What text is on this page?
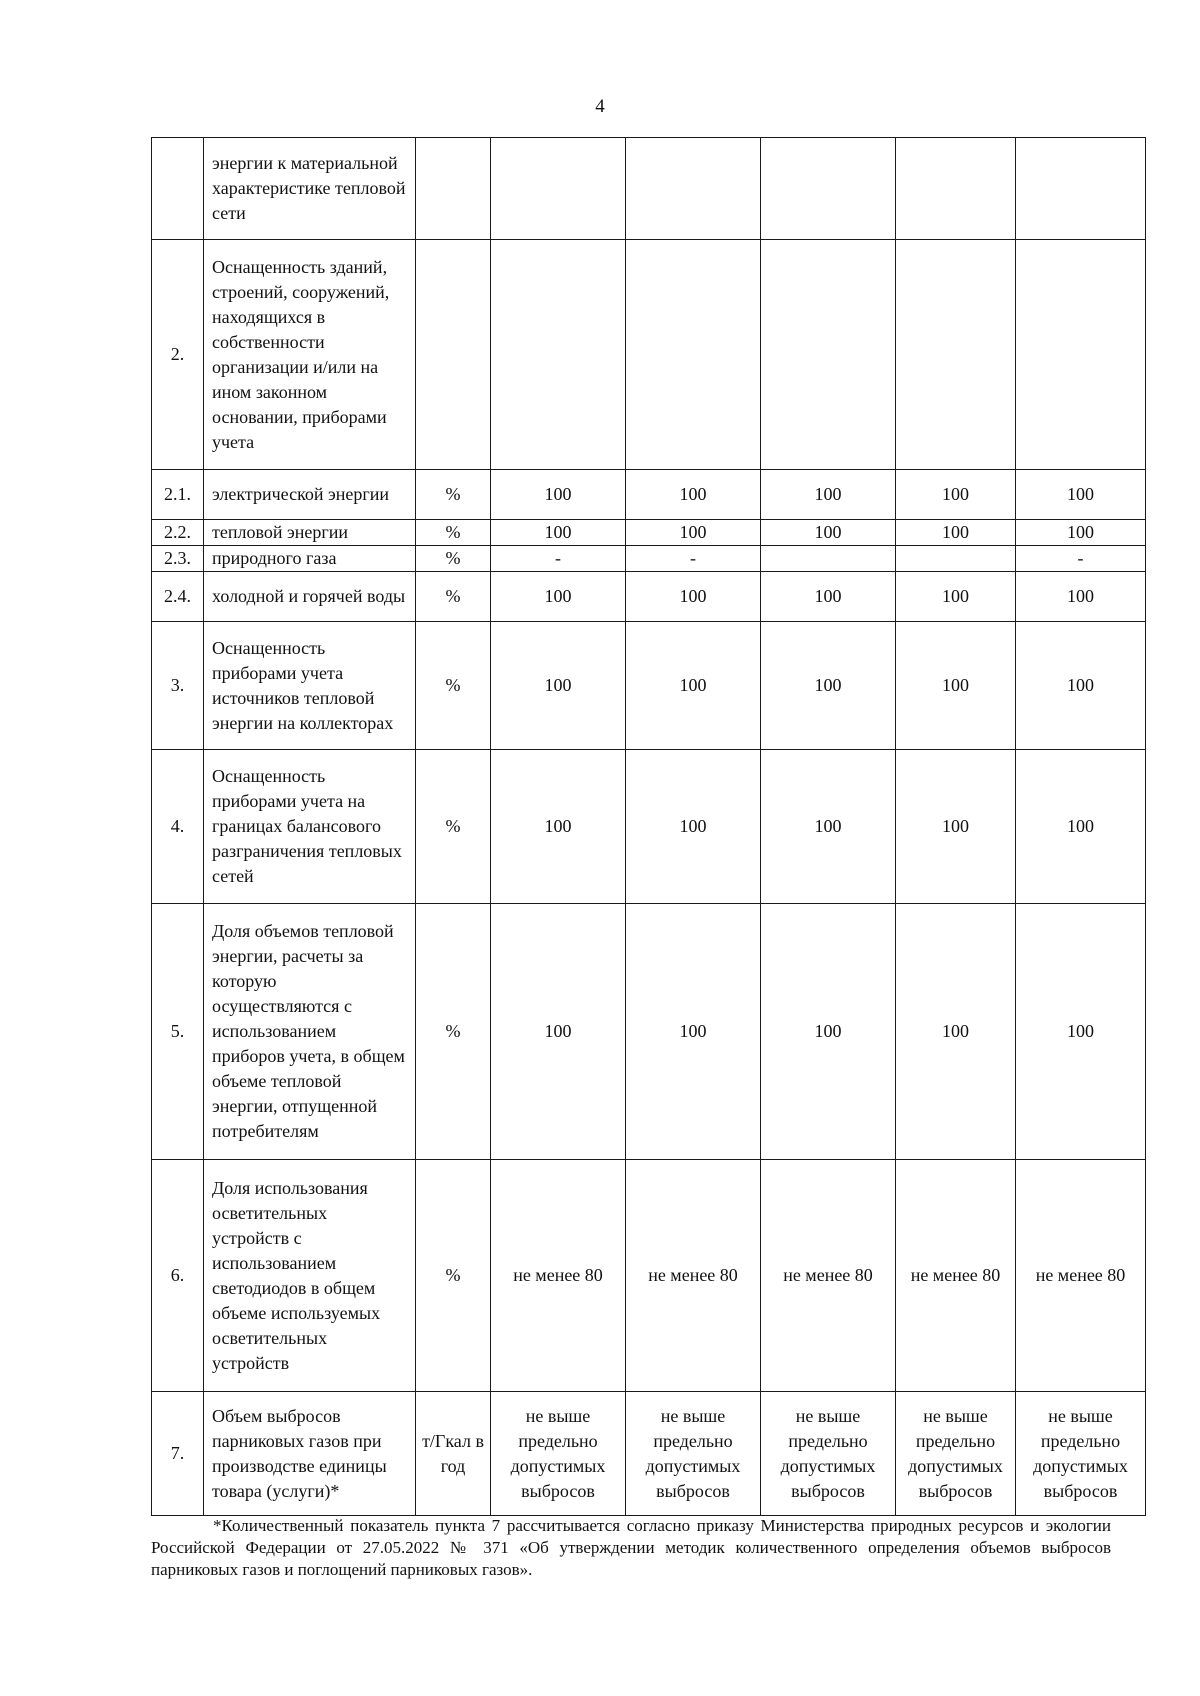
4
	энергии к материальной характеристике тепловой сети						
2.	Оснащенность зданий, строений, сооружений, находящихся в собственности организации и/или на ином законном основании, приборами учета						
2.1.	электрической энергии	%	100	100	100	100	100
2.2.	тепловой энергии	%	100	100	100	100	100
2.3.	природного газа	%	-	-			-
2.4.	холодной и горячей воды	%	100	100	100	100	100
3.	Оснащенность приборами учета источников тепловой энергии на коллекторах	%	100	100	100	100	100
4.	Оснащенность приборами учета на границах балансового разграничения тепловых сетей	%	100	100	100	100	100
5.	Доля объемов тепловой энергии, расчеты за которую осуществляются с использованием приборов учета, в общем объеме тепловой энергии, отпущенной потребителям	%	100	100	100	100	100
6.	Доля использования осветительных устройств с использованием светодиодов в общем объеме используемых осветительных устройств	%	не менее 80	не менее 80	не менее 80	не менее 80	не менее 80
7.	Объем выбросов парниковых газов при производстве единицы товара (услуги)*	т/Гкал в год	не выше предельно допустимых выбросов	не выше предельно допустимых выбросов	не выше предельно допустимых выбросов	не выше предельно допустимых выбросов	не выше предельно допустимых выбросов
*Количественный показатель пункта 7 рассчитывается согласно приказу Министерства природных ресурсов и экологии Российской Федерации от 27.05.2022 № 371 «Об утверждении методик количественного определения объемов выбросов парниковых газов и поглощений парниковых газов».
